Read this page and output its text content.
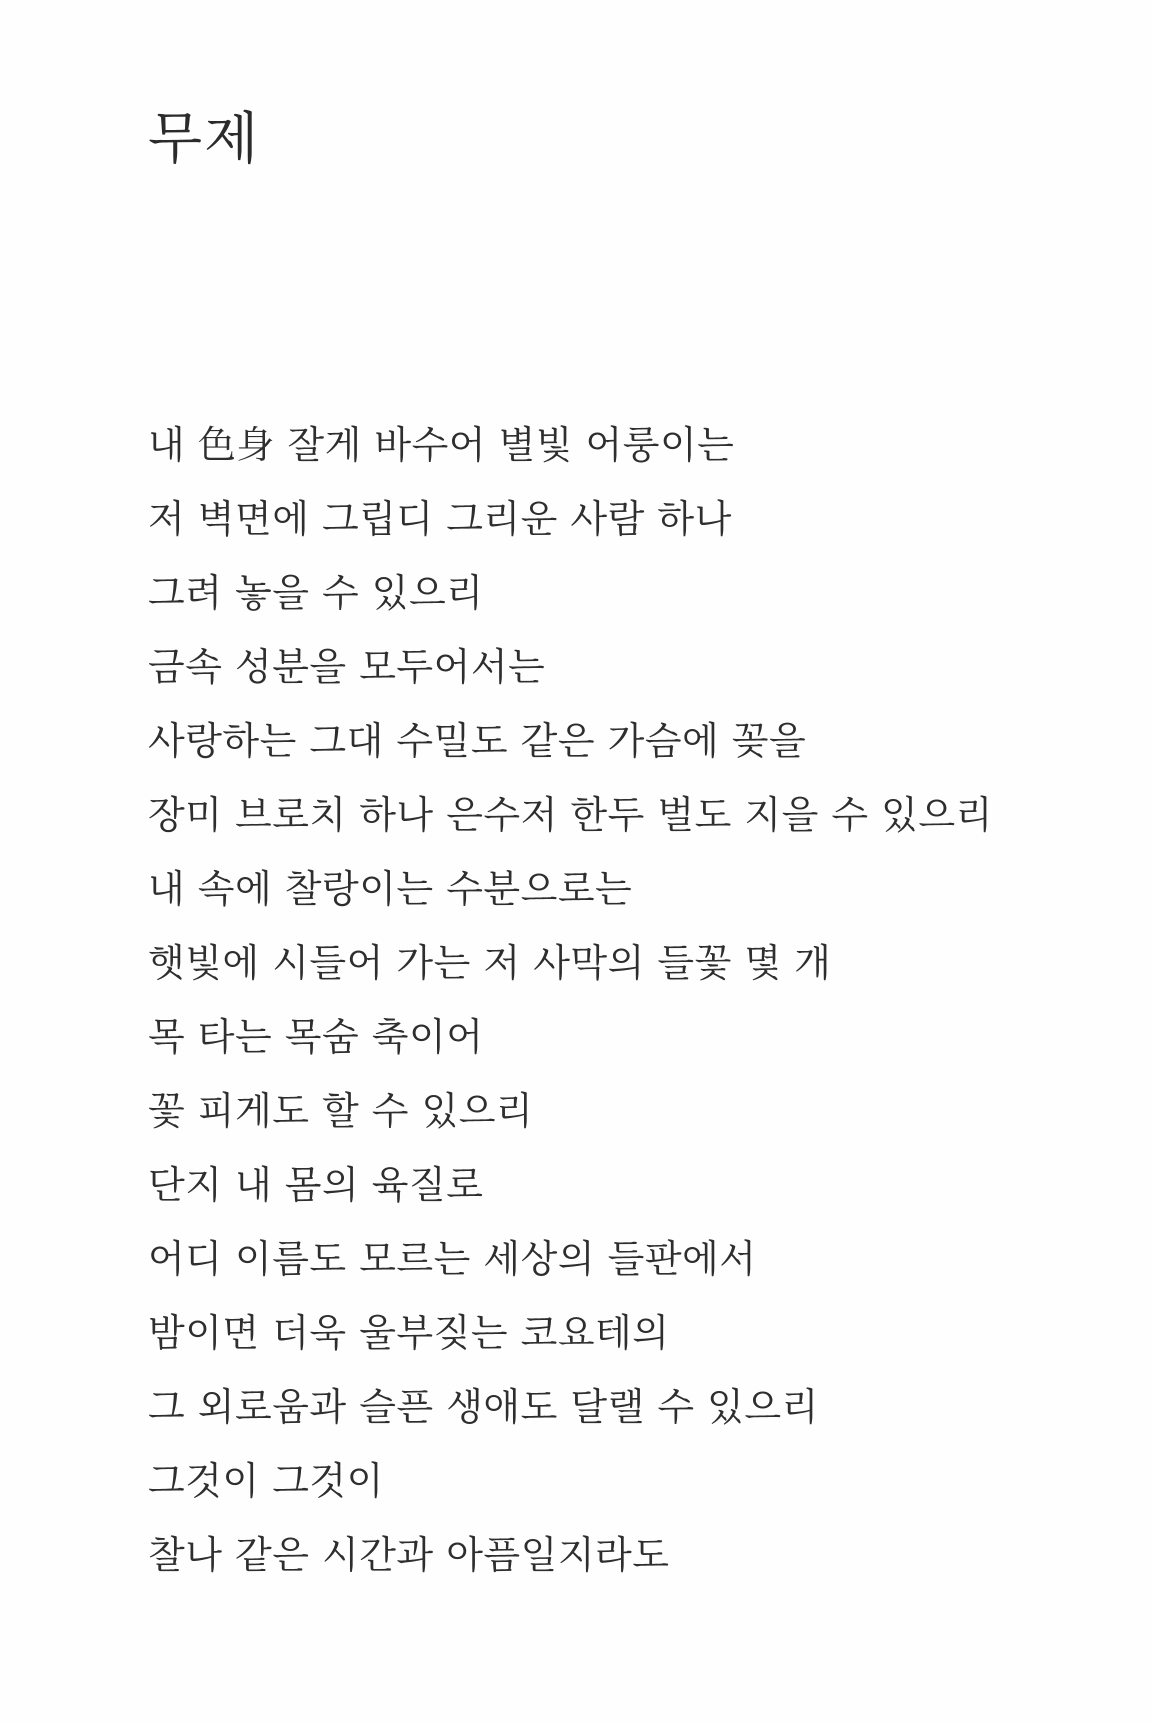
무제
내 色身 잘게 바수어 별빛 어룽이는
저 벽면에 그립디 그리운 사람 하나
그려 놓을 수 있으리
금속 성분을 모두어서는
사랑하는 그대 수밀도 같은 가슴에 꽂을
장미 브로치 하나 은수저 한두 벌도 지을 수 있으리
내 속에 찰랑이는 수분으로는
햇빛에 시들어 가는 저 사막의 들꽃 몇 개
목 타는 목숨 축이어
꽃 피게도 할 수 있으리
단지 내 몸의 육질로
어디 이름도 모르는 세상의 들판에서
밤이면 더욱 울부짖는 코요테의
그 외로움과 슬픈 생애도 달랠 수 있으리
그것이 그것이
찰나 같은 시간과 아픔일지라도
